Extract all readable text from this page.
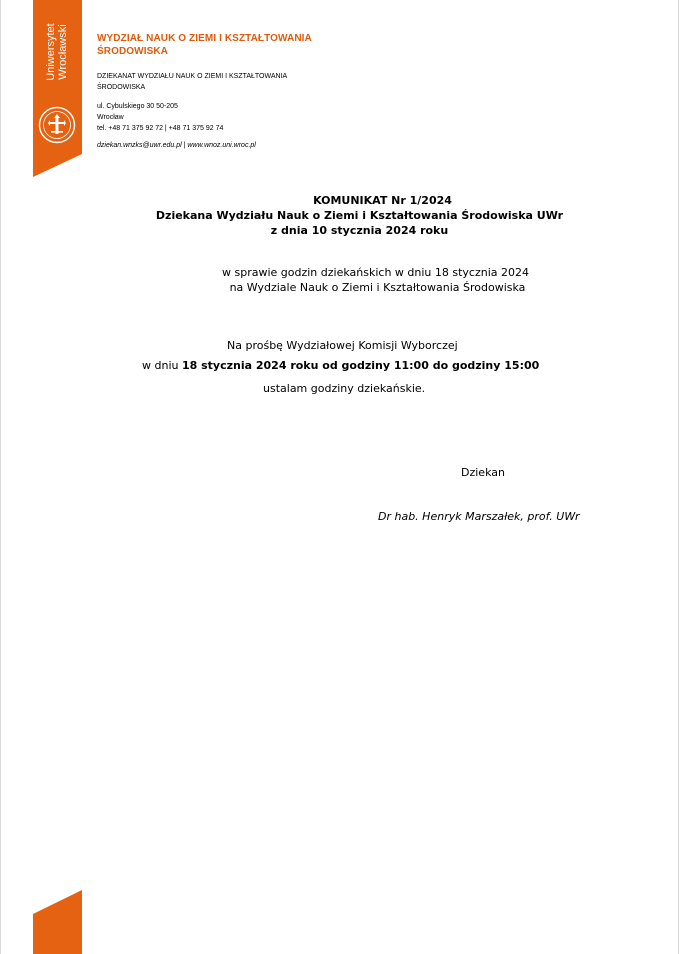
Uniwersytet
Wrocławski	WYDZIAŁ NAUK O ZIEMI I KSZTAŁTOWANIA
ŚRODOWISKA
DZIEKANAT WYDZIAŁU NAUK O ZIEMI I KSZTAŁTOWANIA
ŚRODOWISKA
ul. Cybulskiego 30 50-205
Wrocław
tel. +48 71 375 92 72 | +48 71 375 92 74
dziekan.wnzks@uwr.edu.pl | www.wnoz.uni.wroc.pl
KOMUNIKAT Nr 1/2024
Dziekana Wydziału Nauk o Ziemi i Kształtowania Środowiska UWr
z dnia 10 stycznia 2024 roku
w sprawie godzin dziekańskich w dniu 18 stycznia 2024
na Wydziale Nauk o Ziemi i Kształtowania Środowiska
Na prośbę Wydziałowej Komisji Wyborczej
w dniu 18 stycznia 2024 roku od godziny 11:00 do godziny 15:00
ustalam godziny dziekańskie.
Dziekan
Dr hab. Henryk Marszałek, prof. UWr
